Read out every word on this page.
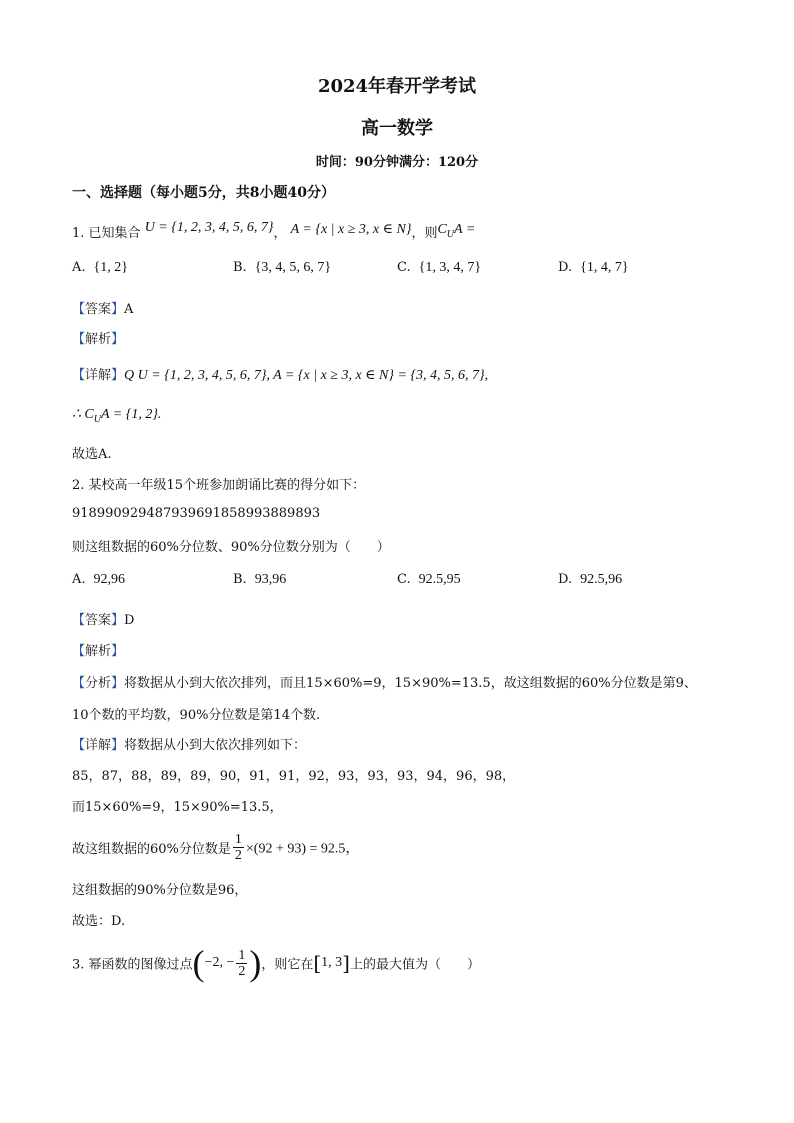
2024年春开学考试
高一数学
时间：90分钟满分：120分
一、选择题（每小题5分，共8小题40分）
1. 已知集合 U = {1, 2, 3, 4, 5, 6, 7}， A = {x | x ≥ 3, x ∈ N}，则$C_UA$ =
A. {1, 2}	B. {3, 4, 5, 6, 7}	C. {1, 3, 4, 7}	D. {1, 4, 7}
【答案】A
【解析】
【详解】Q U = {1, 2, 3, 4, 5, 6, 7}, A = {x | x ≥ 3, x ∈ N} = {3, 4, 5, 6, 7},
∴ $C_UA = \{1$, 2}.
故选A.
2. 某校高一年级15个班参加朗诵比赛的得分如下：
918990929487939691858993889893
则这组数据的60%分位数、90%分位数分别为（　　）
A. 92,96	B. 93,96	C. 92.5,95	D. 92.5,96
【答案】D
【解析】
【分析】将数据从小到大依次排列，而且15×60%=9，15×90%=13.5，故这组数据的60%分位数是第9、
10个数的平均数，90%分位数是第14个数.
【详解】将数据从小到大依次排列如下：
85，87，88，89，89，90，91，91，92，93，93，93，94，96，98，
而15×60%=9，15×90%=13.5，
故这组数据的60%分位数是 $\frac{1}{2} \times(92 + 93) = 92.5$，
这组数据的90%分位数是96，
故选：D.
3. 幂函数的图像过点(−2, − $\frac{1}{2}$ )，则它在[1, 3]上的最大值为（　　）
